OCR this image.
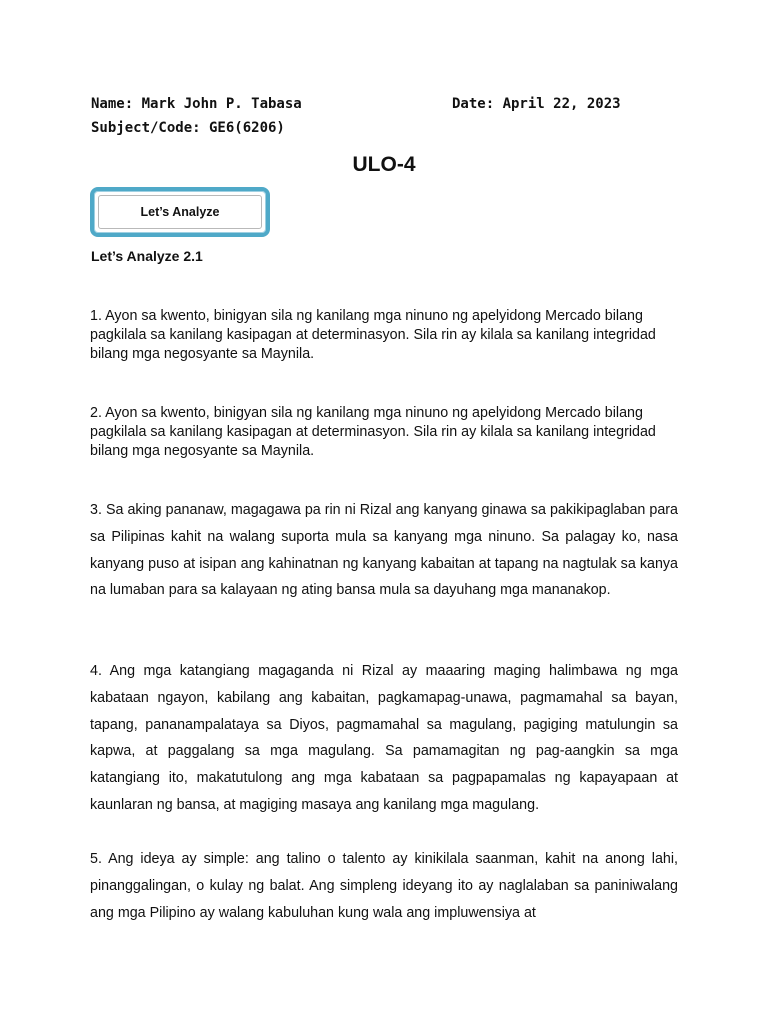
Name: Mark John P. Tabasa	Date: April 22, 2023
Subject/Code: GE6(6206)
ULO-4
Let’s Analyze
Let’s Analyze 2.1
1. Ayon sa kwento, binigyan sila ng kanilang mga ninuno ng apelyidong Mercado bilang pagkilala sa kanilang kasipagan at determinasyon. Sila rin ay kilala sa kanilang integridad bilang mga negosyante sa Maynila.
2. Ayon sa kwento, binigyan sila ng kanilang mga ninuno ng apelyidong Mercado bilang pagkilala sa kanilang kasipagan at determinasyon. Sila rin ay kilala sa kanilang integridad bilang mga negosyante sa Maynila.
3. Sa aking pananaw, magagawa pa rin ni Rizal ang kanyang ginawa sa pakikipaglaban para sa Pilipinas kahit na walang suporta mula sa kanyang mga ninuno. Sa palagay ko, nasa kanyang puso at isipan ang kahinatnan ng kanyang kabaitan at tapang na nagtulak sa kanya na lumaban para sa kalayaan ng ating bansa mula sa dayuhang mga mananakop.
4. Ang mga katangiang magaganda ni Rizal ay maaaring maging halimbawa ng mga kabataan ngayon, kabilang ang kabaitan, pagkamapag-unawa, pagmamahal sa bayan, tapang, pananampalataya sa Diyos, pagmamahal sa magulang, pagiging matulungin sa kapwa, at paggalang sa mga magulang. Sa pamamagitan ng pag-aangkin sa mga katangiang ito, makatutulong ang mga kabataan sa pagpapamalas ng kapayapaan at kaunlaran ng bansa, at magiging masaya ang kanilang mga magulang.
5. Ang ideya ay simple: ang talino o talento ay kinikilala saanman, kahit na anong lahi, pinanggalingan, o kulay ng balat. Ang simpleng ideyang ito ay naglalaban sa paniniwalang ang mga Pilipino ay walang kabuluhan kung wala ang impluwensiya at
